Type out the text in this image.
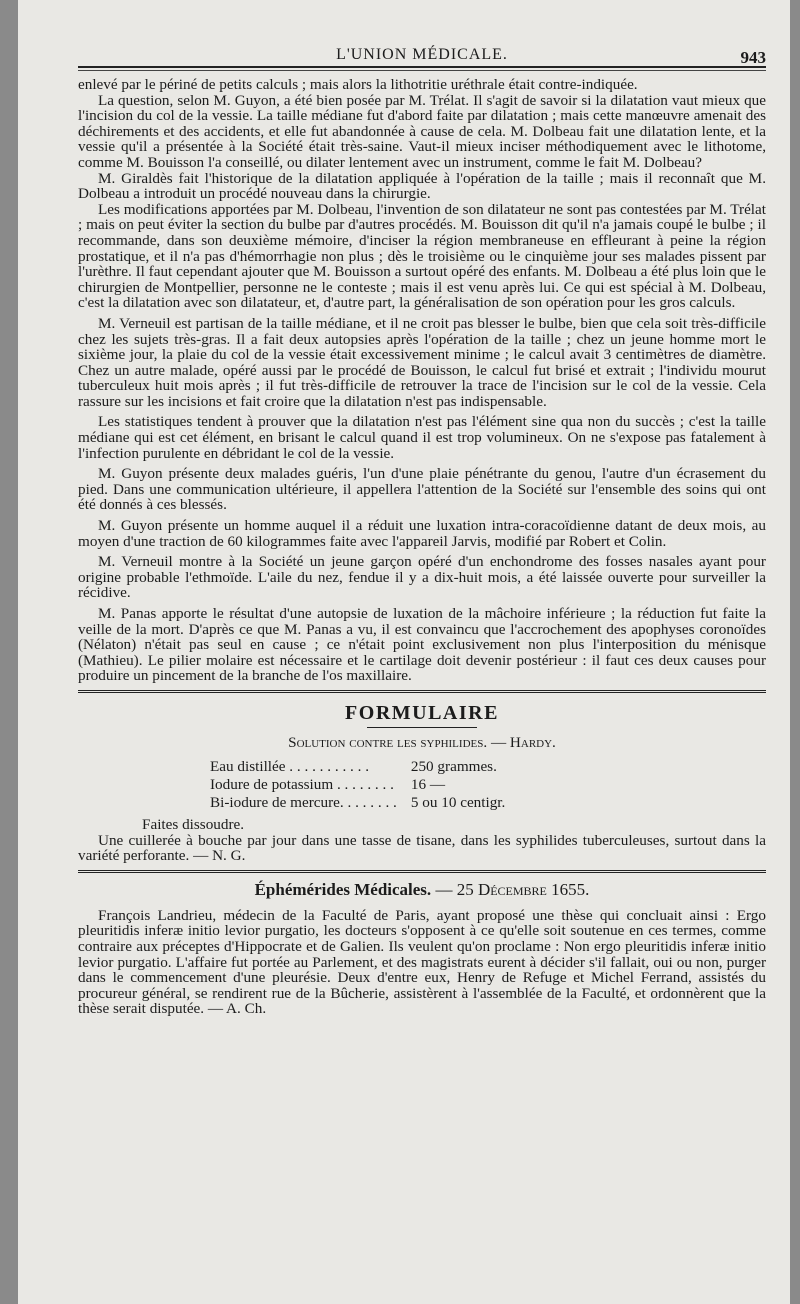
L'UNION MÉDICALE.	943

enlevé par le périné de petits calculs ; mais alors la lithotritie uréthrale était contre-indiquée.

La question, selon M. Guyon, a été bien posée par M. Trélat. Il s'agit de savoir si la dilatation vaut mieux que l'incision du col de la vessie. La taille médiane fut d'abord faite par dilatation ; mais cette manœuvre amenait des déchirements et des accidents, et elle fut abandonnée à cause de cela. M. Dolbeau fait une dilatation lente, et la vessie qu'il a présentée à la Société était très-saine. Vaut-il mieux inciser méthodiquement avec le lithotome, comme M. Bouisson l'a conseillé, ou dilater lentement avec un instrument, comme le fait M. Dolbeau?

M. Giraldès fait l'historique de la dilatation appliquée à l'opération de la taille ; mais il reconnaît que M. Dolbeau a introduit un procédé nouveau dans la chirurgie.

Les modifications apportées par M. Dolbeau, l'invention de son dilatateur ne sont pas contestées par M. Trélat ; mais on peut éviter la section du bulbe par d'autres procédés. M. Bouisson dit qu'il n'a jamais coupé le bulbe ; il recommande, dans son deuxième mémoire, d'inciser la région membraneuse en effleurant à peine la région prostatique, et il n'a pas d'hémorrhagie non plus ; dès le troisième ou le cinquième jour ses malades pissent par l'urèthre. Il faut cependant ajouter que M. Bouisson a surtout opéré des enfants. M. Dolbeau a été plus loin que le chirurgien de Montpellier, personne ne le conteste ; mais il est venu après lui. Ce qui est spécial à M. Dolbeau, c'est la dilatation avec son dilatateur, et, d'autre part, la généralisation de son opération pour les gros calculs.

M. Verneuil est partisan de la taille médiane, et il ne croit pas blesser le bulbe, bien que cela soit très-difficile chez les sujets très-gras. Il a fait deux autopsies après l'opération de la taille ; chez un jeune homme mort le sixième jour, la plaie du col de la vessie était excessivement minime ; le calcul avait 3 centimètres de diamètre. Chez un autre malade, opéré aussi par le procédé de Bouisson, le calcul fut brisé et extrait ; l'individu mourut tuberculeux huit mois après ; il fut très-difficile de retrouver la trace de l'incision sur le col de la vessie. Cela rassure sur les incisions et fait croire que la dilatation n'est pas indispensable.

Les statistiques tendent à prouver que la dilatation n'est pas l'élément sine qua non du succès ; c'est la taille médiane qui est cet élément, en brisant le calcul quand il est trop volumineux. On ne s'expose pas fatalement à l'infection purulente en débridant le col de la vessie.

M. Guyon présente deux malades guéris, l'un d'une plaie pénétrante du genou, l'autre d'un écrasement du pied. Dans une communication ultérieure, il appellera l'attention de la Société sur l'ensemble des soins qui ont été donnés à ces blessés.

M. Guyon présente un homme auquel il a réduit une luxation intra-coracoïdienne datant de deux mois, au moyen d'une traction de 60 kilogrammes faite avec l'appareil Jarvis, modifié par Robert et Colin.

M. Verneuil montre à la Société un jeune garçon opéré d'un enchondrome des fosses nasales ayant pour origine probable l'ethmoïde. L'aile du nez, fendue il y a dix-huit mois, a été laissée ouverte pour surveiller la récidive.

M. Panas apporte le résultat d'une autopsie de luxation de la mâchoire inférieure ; la réduction fut faite la veille de la mort. D'après ce que M. Panas a vu, il est convaincu que l'accrochement des apophyses coronoïdes (Nélaton) n'était pas seul en cause ; ce n'était point exclusivement non plus l'interposition du ménisque (Mathieu). Le pilier molaire est nécessaire et le cartilage doit devenir postérieur : il faut ces deux causes pour produire un pincement de la branche de l'os maxillaire.

FORMULAIRE
Solution contre les syphilides. — Hardy.
Eau distillée . . . . . . . . . . .	250 grammes.
Iodure de potassium . . . . . . . .	16 —
Bi-iodure de mercure. . . . . . . .	5 ou 10 centigr.

Faites dissoudre.

Une cuillerée à bouche par jour dans une tasse de tisane, dans les syphilides tuberculeuses, surtout dans la variété perforante. — N. G.

Éphémérides Médicales. — 25 Décembre 1655.

François Landrieu, médecin de la Faculté de Paris, ayant proposé une thèse qui concluait ainsi : Ergo pleuritidis inferæ initio levior purgatio, les docteurs s'opposent à ce qu'elle soit soutenue en ces termes, comme contraire aux préceptes d'Hippocrate et de Galien. Ils veulent qu'on proclame : Non ergo pleuritidis inferæ initio levior purgatio. L'affaire fut portée au Parlement, et des magistrats eurent à décider s'il fallait, oui ou non, purger dans le commencement d'une pleurésie. Deux d'entre eux, Henry de Refuge et Michel Ferrand, assistés du procureur général, se rendirent rue de la Bûcherie, assistèrent à l'assemblée de la Faculté, et ordonnèrent que la thèse serait disputée. — A. Ch.
